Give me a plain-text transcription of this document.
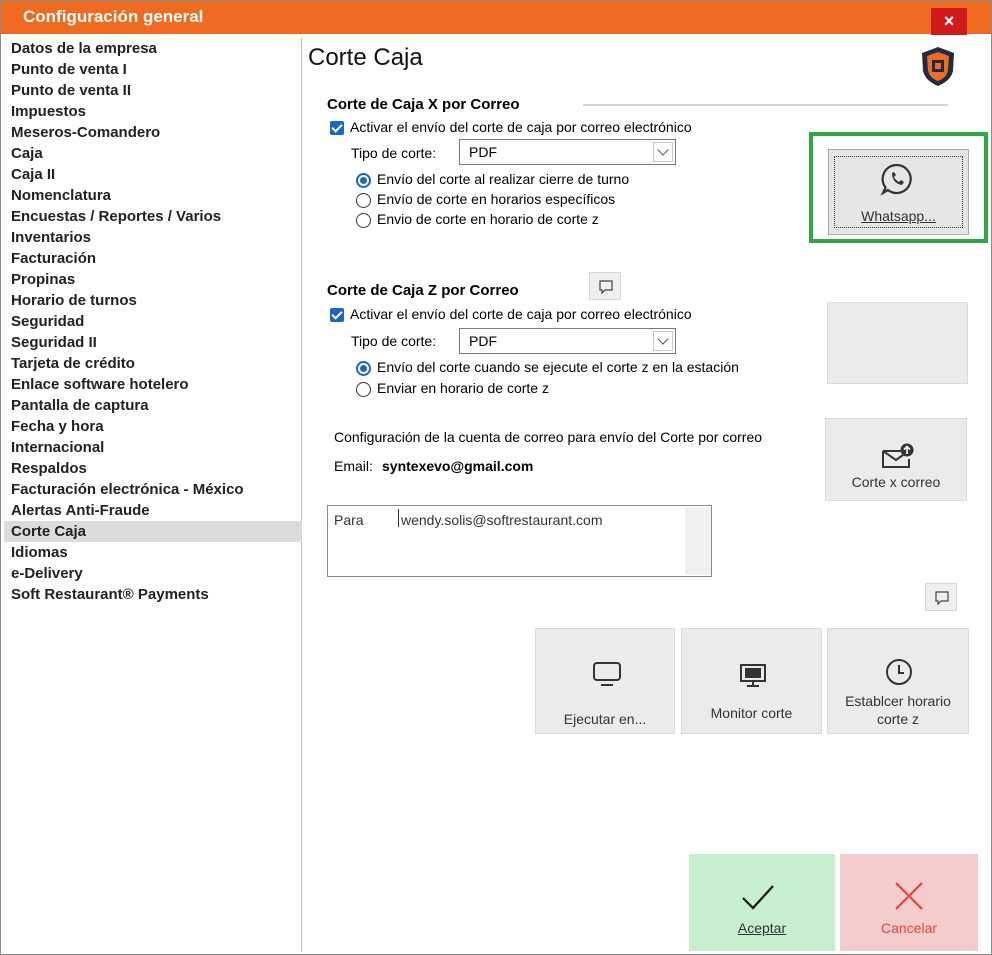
Configuración general	×
Datos de la empresa
Punto de venta I
Punto de venta II
Impuestos
Meseros-Comandero
Caja
Caja II
Nomenclatura
Encuestas / Reportes / Varios
Inventarios
Facturación
Propinas
Horario de turnos
Seguridad
Seguridad II
Tarjeta de crédito
Enlace software hotelero
Pantalla de captura
Fecha y hora
Internacional
Respaldos
Facturación electrónica - México
Alertas Anti-Fraude
Corte Caja
Idiomas
e-Delivery
Soft Restaurant® Payments
Corte Caja
Corte de Caja X por Correo
Activar el envío del corte de caja por correo electrónico
Tipo de corte: PDF
Envío del corte al realizar cierre de turno
Envío de corte en horarios específicos
Envio de corte en horario de corte z	Whatsapp...
Corte de Caja Z por Correo
Activar el envío del corte de caja por correo electrónico
Tipo de corte: PDF
Envío del corte cuando se ejecute el corte z en la estación
Enviar en horario de corte z
Configuración de la cuenta de correo para envío del Corte por correo
Email: syntexevo@gmail.com
Corte x correo
Para	wendy.solis@softrestaurant.com
Ejecutar en...	Monitor corte
Establcer horario
corte z
Aceptar	Cancelar
